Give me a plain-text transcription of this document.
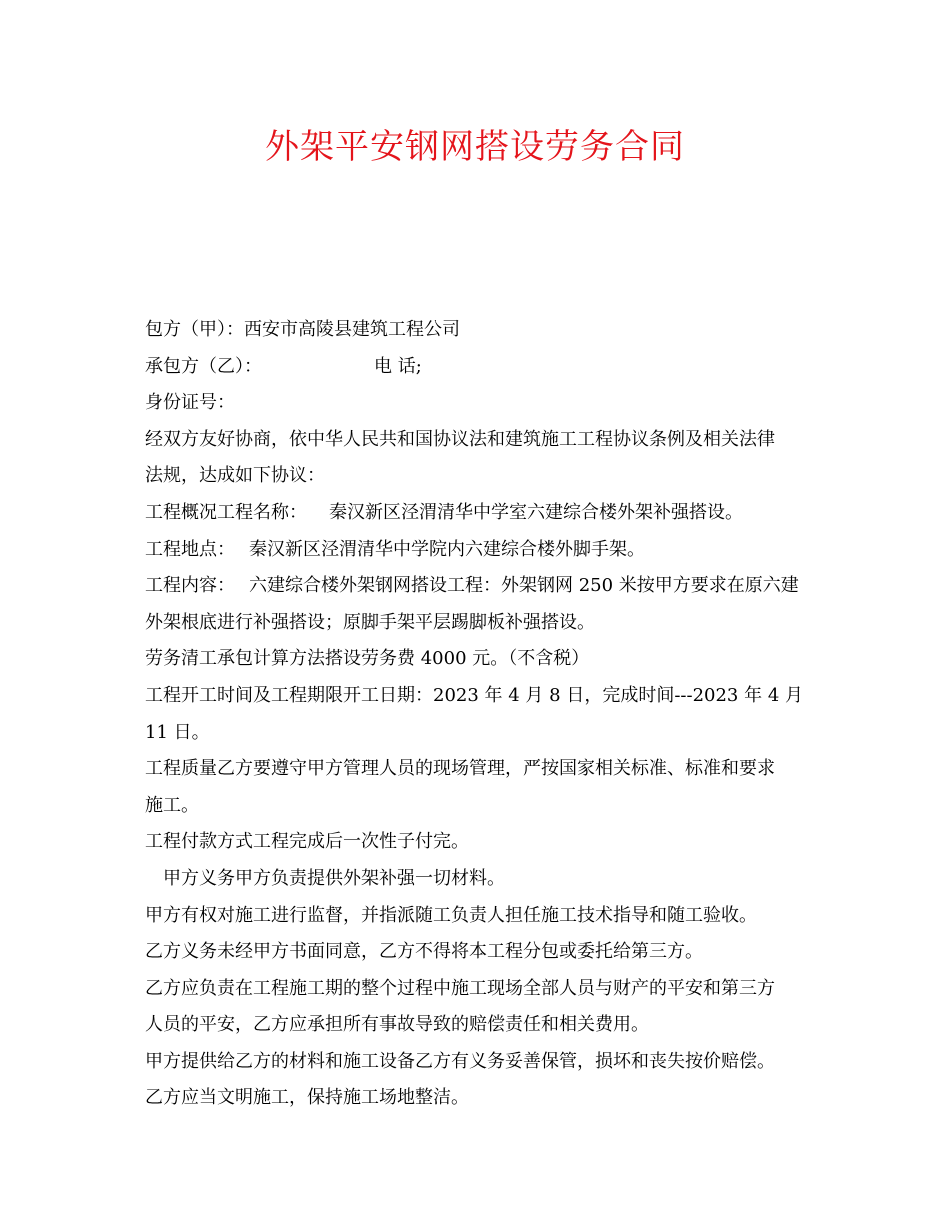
外架平安钢网搭设劳务合同
包方（甲）：西安市高陵县建筑工程公司
承包方（乙）：	电 话;
身份证号：
经双方友好协商，依中华人民共和国协议法和建筑施工工程协议条例及相关法律
法规，达成如下协议：
工程概况工程名称： 秦汉新区泾渭清华中学室六建综合楼外架补强搭设。
工程地点： 秦汉新区泾渭清华中学院内六建综合楼外脚手架。
工程内容： 六建综合楼外架钢网搭设工程：外架钢网 250 米按甲方要求在原六建
外架根底进行补强搭设；原脚手架平层踢脚板补强搭设。
劳务清工承包计算方法搭设劳务费 4000 元。（不含税）
工程开工时间及工程期限开工日期：2023 年 4 月 8 日，完成时间---2023 年 4 月
11 日。
工程质量乙方要遵守甲方管理人员的现场管理，严按国家相关标准、标准和要求
施工。
工程付款方式工程完成后一次性子付完。
甲方义务甲方负责提供外架补强一切材料。
甲方有权对施工进行监督，并指派随工负责人担任施工技术指导和随工验收。
乙方义务未经甲方书面同意，乙方不得将本工程分包或委托给第三方。
乙方应负责在工程施工期的整个过程中施工现场全部人员与财产的平安和第三方
人员的平安，乙方应承担所有事故导致的赔偿责任和相关费用。
甲方提供给乙方的材料和施工设备乙方有义务妥善保管，损坏和丧失按价赔偿。
乙方应当文明施工，保持施工场地整洁。
